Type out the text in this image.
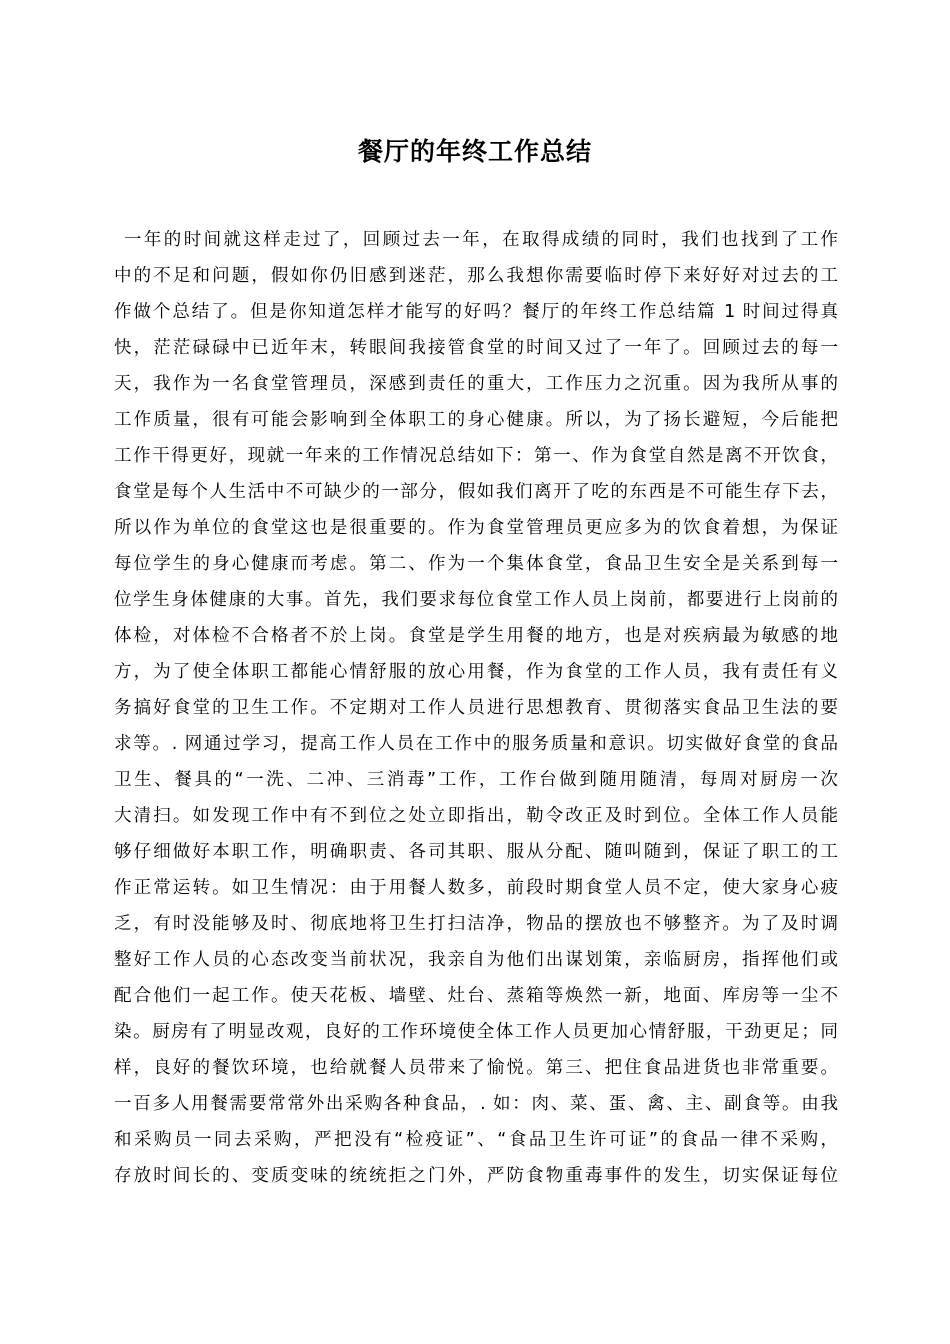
餐厅的年终工作总结
一年的时间就这样走过了，回顾过去一年，在取得成绩的同时，我们也找到了工作
中的不足和问题，假如你仍旧感到迷茫，那么我想你需要临时停下来好好对过去的工
作做个总结了。但是你知道怎样才能写的好吗？餐厅的年终工作总结篇 1 时间过得真
快，茫茫碌碌中已近年末，转眼间我接管食堂的时间又过了一年了。回顾过去的每一
天，我作为一名食堂管理员，深感到责任的重大，工作压力之沉重。因为我所从事的
工作质量，很有可能会影响到全体职工的身心健康。所以，为了扬长避短，今后能把
工作干得更好，现就一年来的工作情况总结如下：第一、作为食堂自然是离不开饮食，
食堂是每个人生活中不可缺少的一部分，假如我们离开了吃的东西是不可能生存下去，
所以作为单位的食堂这也是很重要的。作为食堂管理员更应多为的饮食着想，为保证
每位学生的身心健康而考虑。第二、作为一个集体食堂，食品卫生安全是关系到每一
位学生身体健康的大事。首先，我们要求每位食堂工作人员上岗前，都要进行上岗前的
体检，对体检不合格者不於上岗。食堂是学生用餐的地方，也是对疾病最为敏感的地
方，为了使全体职工都能心情舒服的放心用餐，作为食堂的工作人员，我有责任有义
务搞好食堂的卫生工作。不定期对工作人员进行思想教育、贯彻落实食品卫生法的要
求等。. 网通过学习，提高工作人员在工作中的服务质量和意识。切实做好食堂的食品
卫生、餐具的“一洗、二冲、三消毒”工作，工作台做到随用随清，每周对厨房一次
大清扫。如发现工作中有不到位之处立即指出，勒令改正及时到位。全体工作人员能
够仔细做好本职工作，明确职责、各司其职、服从分配、随叫随到，保证了职工的工
作正常运转。如卫生情况：由于用餐人数多，前段时期食堂人员不定，使大家身心疲
乏，有时没能够及时、彻底地将卫生打扫洁净，物品的摆放也不够整齐。为了及时调
整好工作人员的心态改变当前状况，我亲自为他们出谋划策，亲临厨房，指挥他们或
配合他们一起工作。使天花板、墙壁、灶台、蒸箱等焕然一新，地面、库房等一尘不
染。厨房有了明显改观，良好的工作环境使全体工作人员更加心情舒服，干劲更足；同
样，良好的餐饮环境，也给就餐人员带来了愉悦。第三、把住食品进货也非常重要。
一百多人用餐需要常常外出采购各种食品，. 如：肉、菜、蛋、禽、主、副食等。由我
和采购员一同去采购，严把没有“检疫证”、“食品卫生许可证”的食品一律不采购，
存放时间长的、变质变味的统统拒之门外，严防食物重毒事件的发生，切实保证每位
